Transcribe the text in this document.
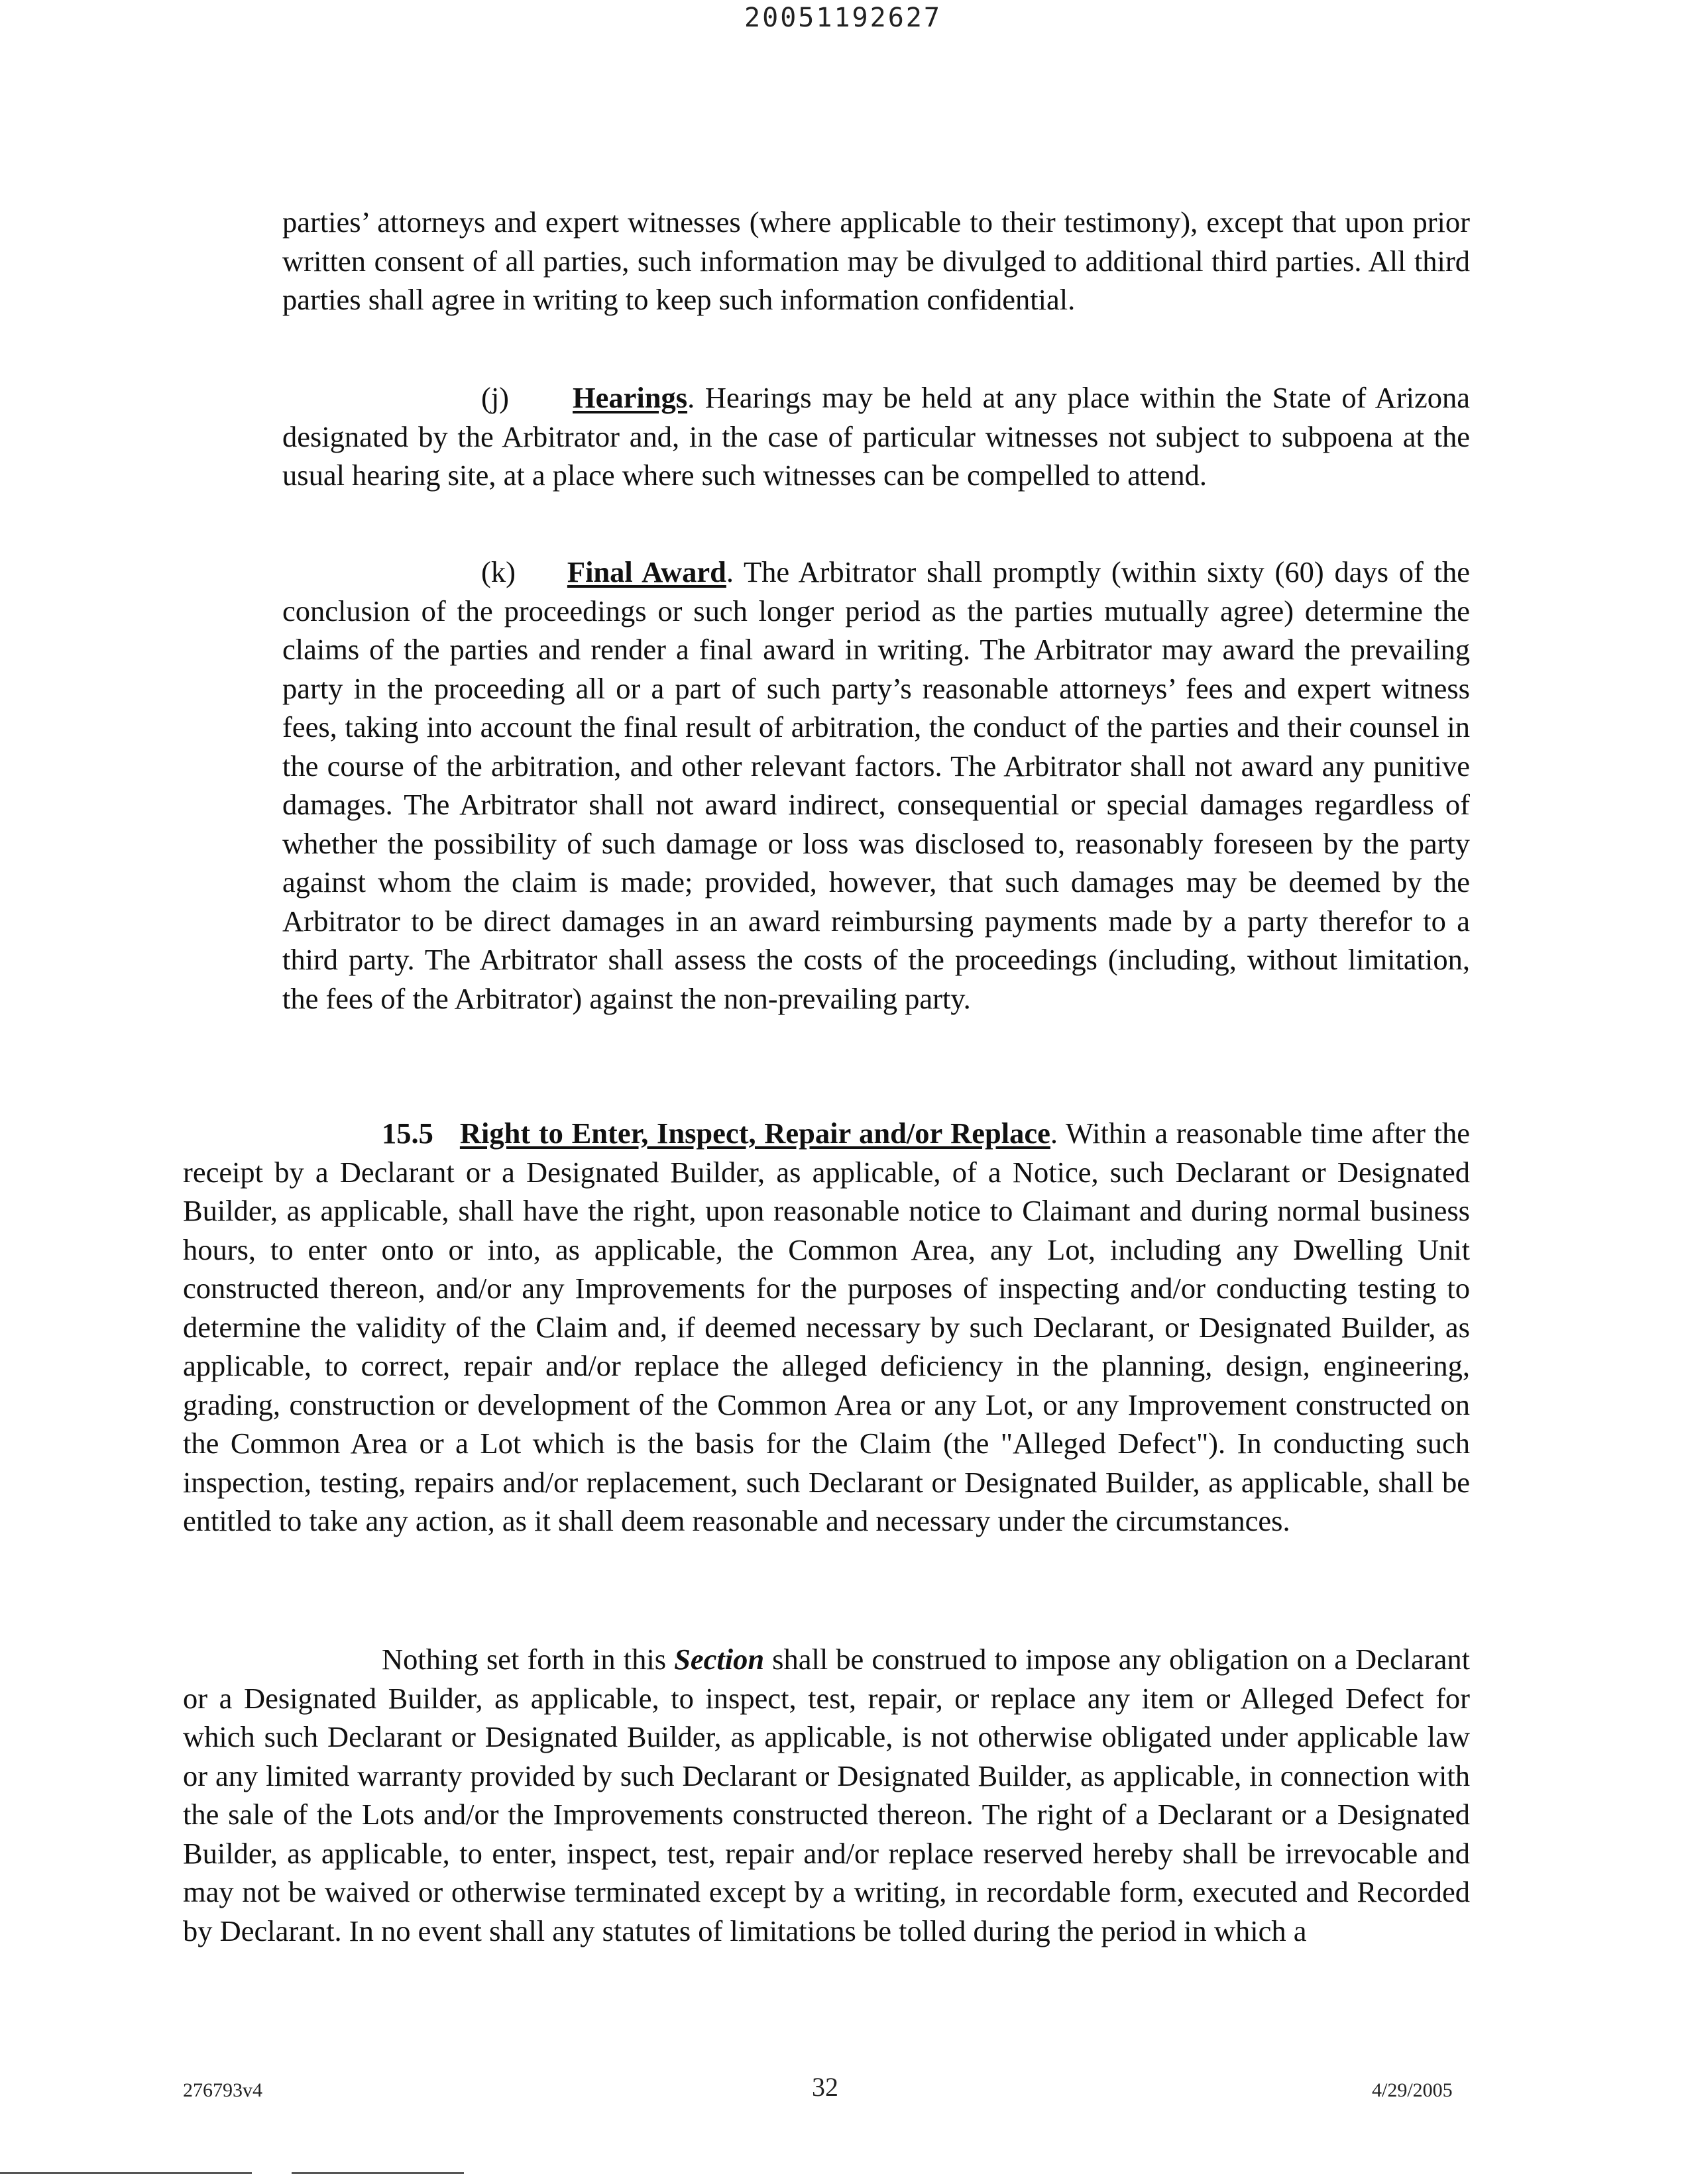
20051192627
parties’ attorneys and expert witnesses (where applicable to their testimony), except that upon prior written consent of all parties, such information may be divulged to additional third parties. All third parties shall agree in writing to keep such information confidential.
(j) Hearings. Hearings may be held at any place within the State of Arizona designated by the Arbitrator and, in the case of particular witnesses not subject to subpoena at the usual hearing site, at a place where such witnesses can be compelled to attend.
(k) Final Award. The Arbitrator shall promptly (within sixty (60) days of the conclusion of the proceedings or such longer period as the parties mutually agree) determine the claims of the parties and render a final award in writing. The Arbitrator may award the prevailing party in the proceeding all or a part of such party’s reasonable attorneys’ fees and expert witness fees, taking into account the final result of arbitration, the conduct of the parties and their counsel in the course of the arbitration, and other relevant factors. The Arbitrator shall not award any punitive damages. The Arbitrator shall not award indirect, consequential or special damages regardless of whether the possibility of such damage or loss was disclosed to, reasonably foreseen by the party against whom the claim is made; provided, however, that such damages may be deemed by the Arbitrator to be direct damages in an award reimbursing payments made by a party therefor to a third party. The Arbitrator shall assess the costs of the proceedings (including, without limitation, the fees of the Arbitrator) against the non-prevailing party.
15.5 Right to Enter, Inspect, Repair and/or Replace. Within a reasonable time after the receipt by a Declarant or a Designated Builder, as applicable, of a Notice, such Declarant or Designated Builder, as applicable, shall have the right, upon reasonable notice to Claimant and during normal business hours, to enter onto or into, as applicable, the Common Area, any Lot, including any Dwelling Unit constructed thereon, and/or any Improvements for the purposes of inspecting and/or conducting testing to determine the validity of the Claim and, if deemed necessary by such Declarant, or Designated Builder, as applicable, to correct, repair and/or replace the alleged deficiency in the planning, design, engineering, grading, construction or development of the Common Area or any Lot, or any Improvement constructed on the Common Area or a Lot which is the basis for the Claim (the "Alleged Defect"). In conducting such inspection, testing, repairs and/or replacement, such Declarant or Designated Builder, as applicable, shall be entitled to take any action, as it shall deem reasonable and necessary under the circumstances.
Nothing set forth in this Section shall be construed to impose any obligation on a Declarant or a Designated Builder, as applicable, to inspect, test, repair, or replace any item or Alleged Defect for which such Declarant or Designated Builder, as applicable, is not otherwise obligated under applicable law or any limited warranty provided by such Declarant or Designated Builder, as applicable, in connection with the sale of the Lots and/or the Improvements constructed thereon. The right of a Declarant or a Designated Builder, as applicable, to enter, inspect, test, repair and/or replace reserved hereby shall be irrevocable and may not be waived or otherwise terminated except by a writing, in recordable form, executed and Recorded by Declarant. In no event shall any statutes of limitations be tolled during the period in which a
276793v4	32	4/29/2005
